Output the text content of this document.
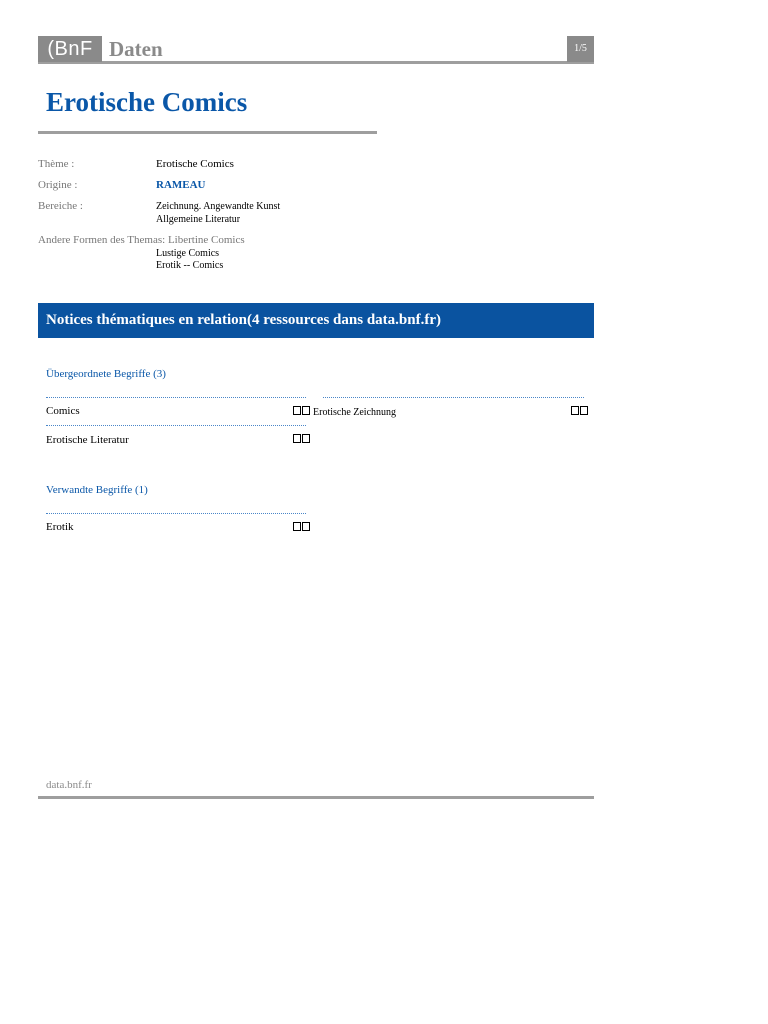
(BnF Daten	1/5
Erotische Comics
Thème :	Erotische Comics
Origine :	RAMEAU
Bereiche :	Zeichnung. Angewandte Kunst
Allgemeine Literatur
Andere Formen des Themas: Libertine Comics
Lustige Comics
Erotik -- Comics
Notices thématiques en relation(4 ressources dans data.bnf.fr)
Übergeordnete Begriffe (3)
Comics	Erotische Zeichnung
Erotische Literatur
Verwandte Begriffe (1)
Erotik
data.bnf.fr
